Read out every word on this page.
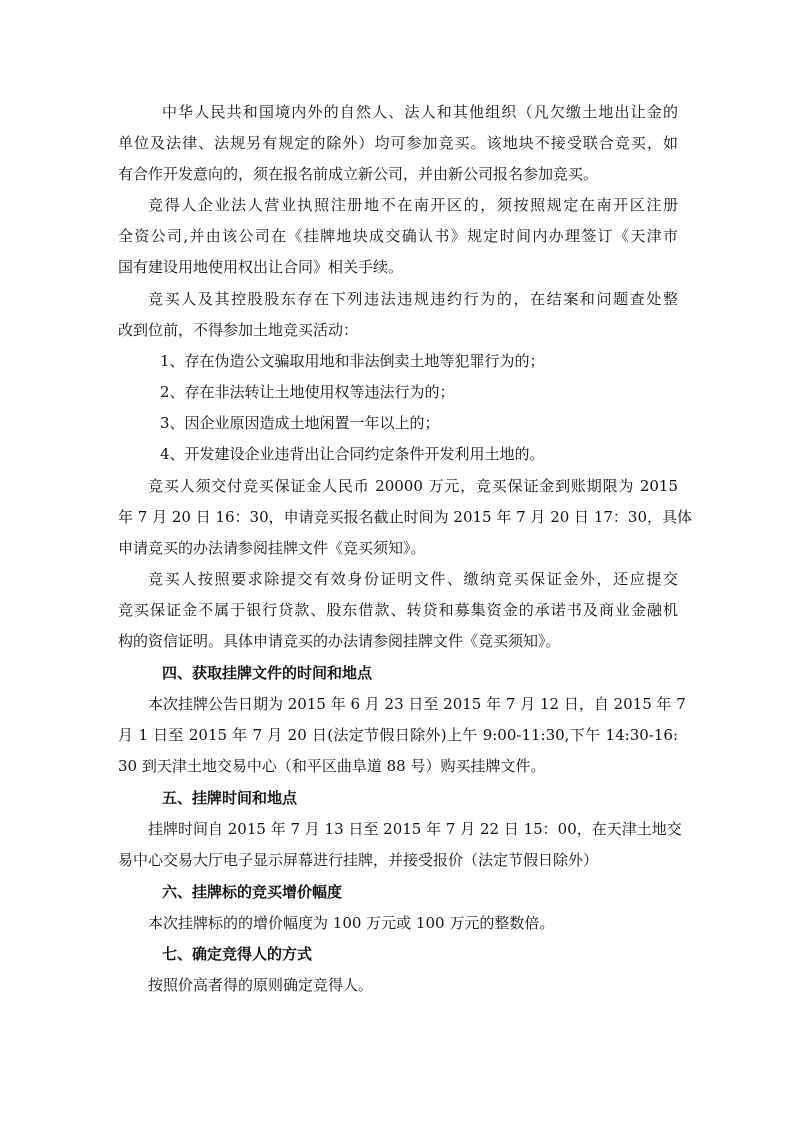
中华人民共和国境内外的自然人、法人和其他组织（凡欠缴土地出让金的
单位及法律、法规另有规定的除外）均可参加竞买。该地块不接受联合竞买，如
有合作开发意向的，须在报名前成立新公司，并由新公司报名参加竞买。

竞得人企业法人营业执照注册地不在南开区的，须按照规定在南开区注册
全资公司,并由该公司在《挂牌地块成交确认书》规定时间内办理签订《天津市
国有建设用地使用权出让合同》相关手续。

竞买人及其控股股东存在下列违法违规违约行为的，在结案和问题查处整
改到位前，不得参加土地竞买活动：

1、存在伪造公文骗取用地和非法倒卖土地等犯罪行为的；

2、存在非法转让土地使用权等违法行为的；

3、因企业原因造成土地闲置一年以上的；

4、开发建设企业违背出让合同约定条件开发利用土地的。

竞买人须交付竞买保证金人民币 20000 万元，竞买保证金到账期限为 2015
年 7 月 20 日 16：30，申请竞买报名截止时间为 2015 年 7 月 20 日 17：30，具体
申请竞买的办法请参阅挂牌文件《竞买须知》。

竞买人按照要求除提交有效身份证明文件、缴纳竞买保证金外，还应提交
竞买保证金不属于银行贷款、股东借款、转贷和募集资金的承诺书及商业金融机
构的资信证明。具体申请竞买的办法请参阅挂牌文件《竞买须知》。

四、获取挂牌文件的时间和地点

本次挂牌公告日期为 2015 年 6 月 23 日至 2015 年 7 月 12 日，自 2015 年 7
月 1 日至 2015 年 7 月 20 日(法定节假日除外)上午 9:00-11:30,下午 14:30-16:
30 到天津土地交易中心（和平区曲阜道 88 号）购买挂牌文件。

五、挂牌时间和地点

挂牌时间自 2015 年 7 月 13 日至 2015 年 7 月 22 日 15：00，在天津土地交
易中心交易大厅电子显示屏幕进行挂牌，并接受报价（法定节假日除外）

六、挂牌标的竞买增价幅度

本次挂牌标的的增价幅度为 100 万元或 100 万元的整数倍。

七、确定竞得人的方式

按照价高者得的原则确定竞得人。
